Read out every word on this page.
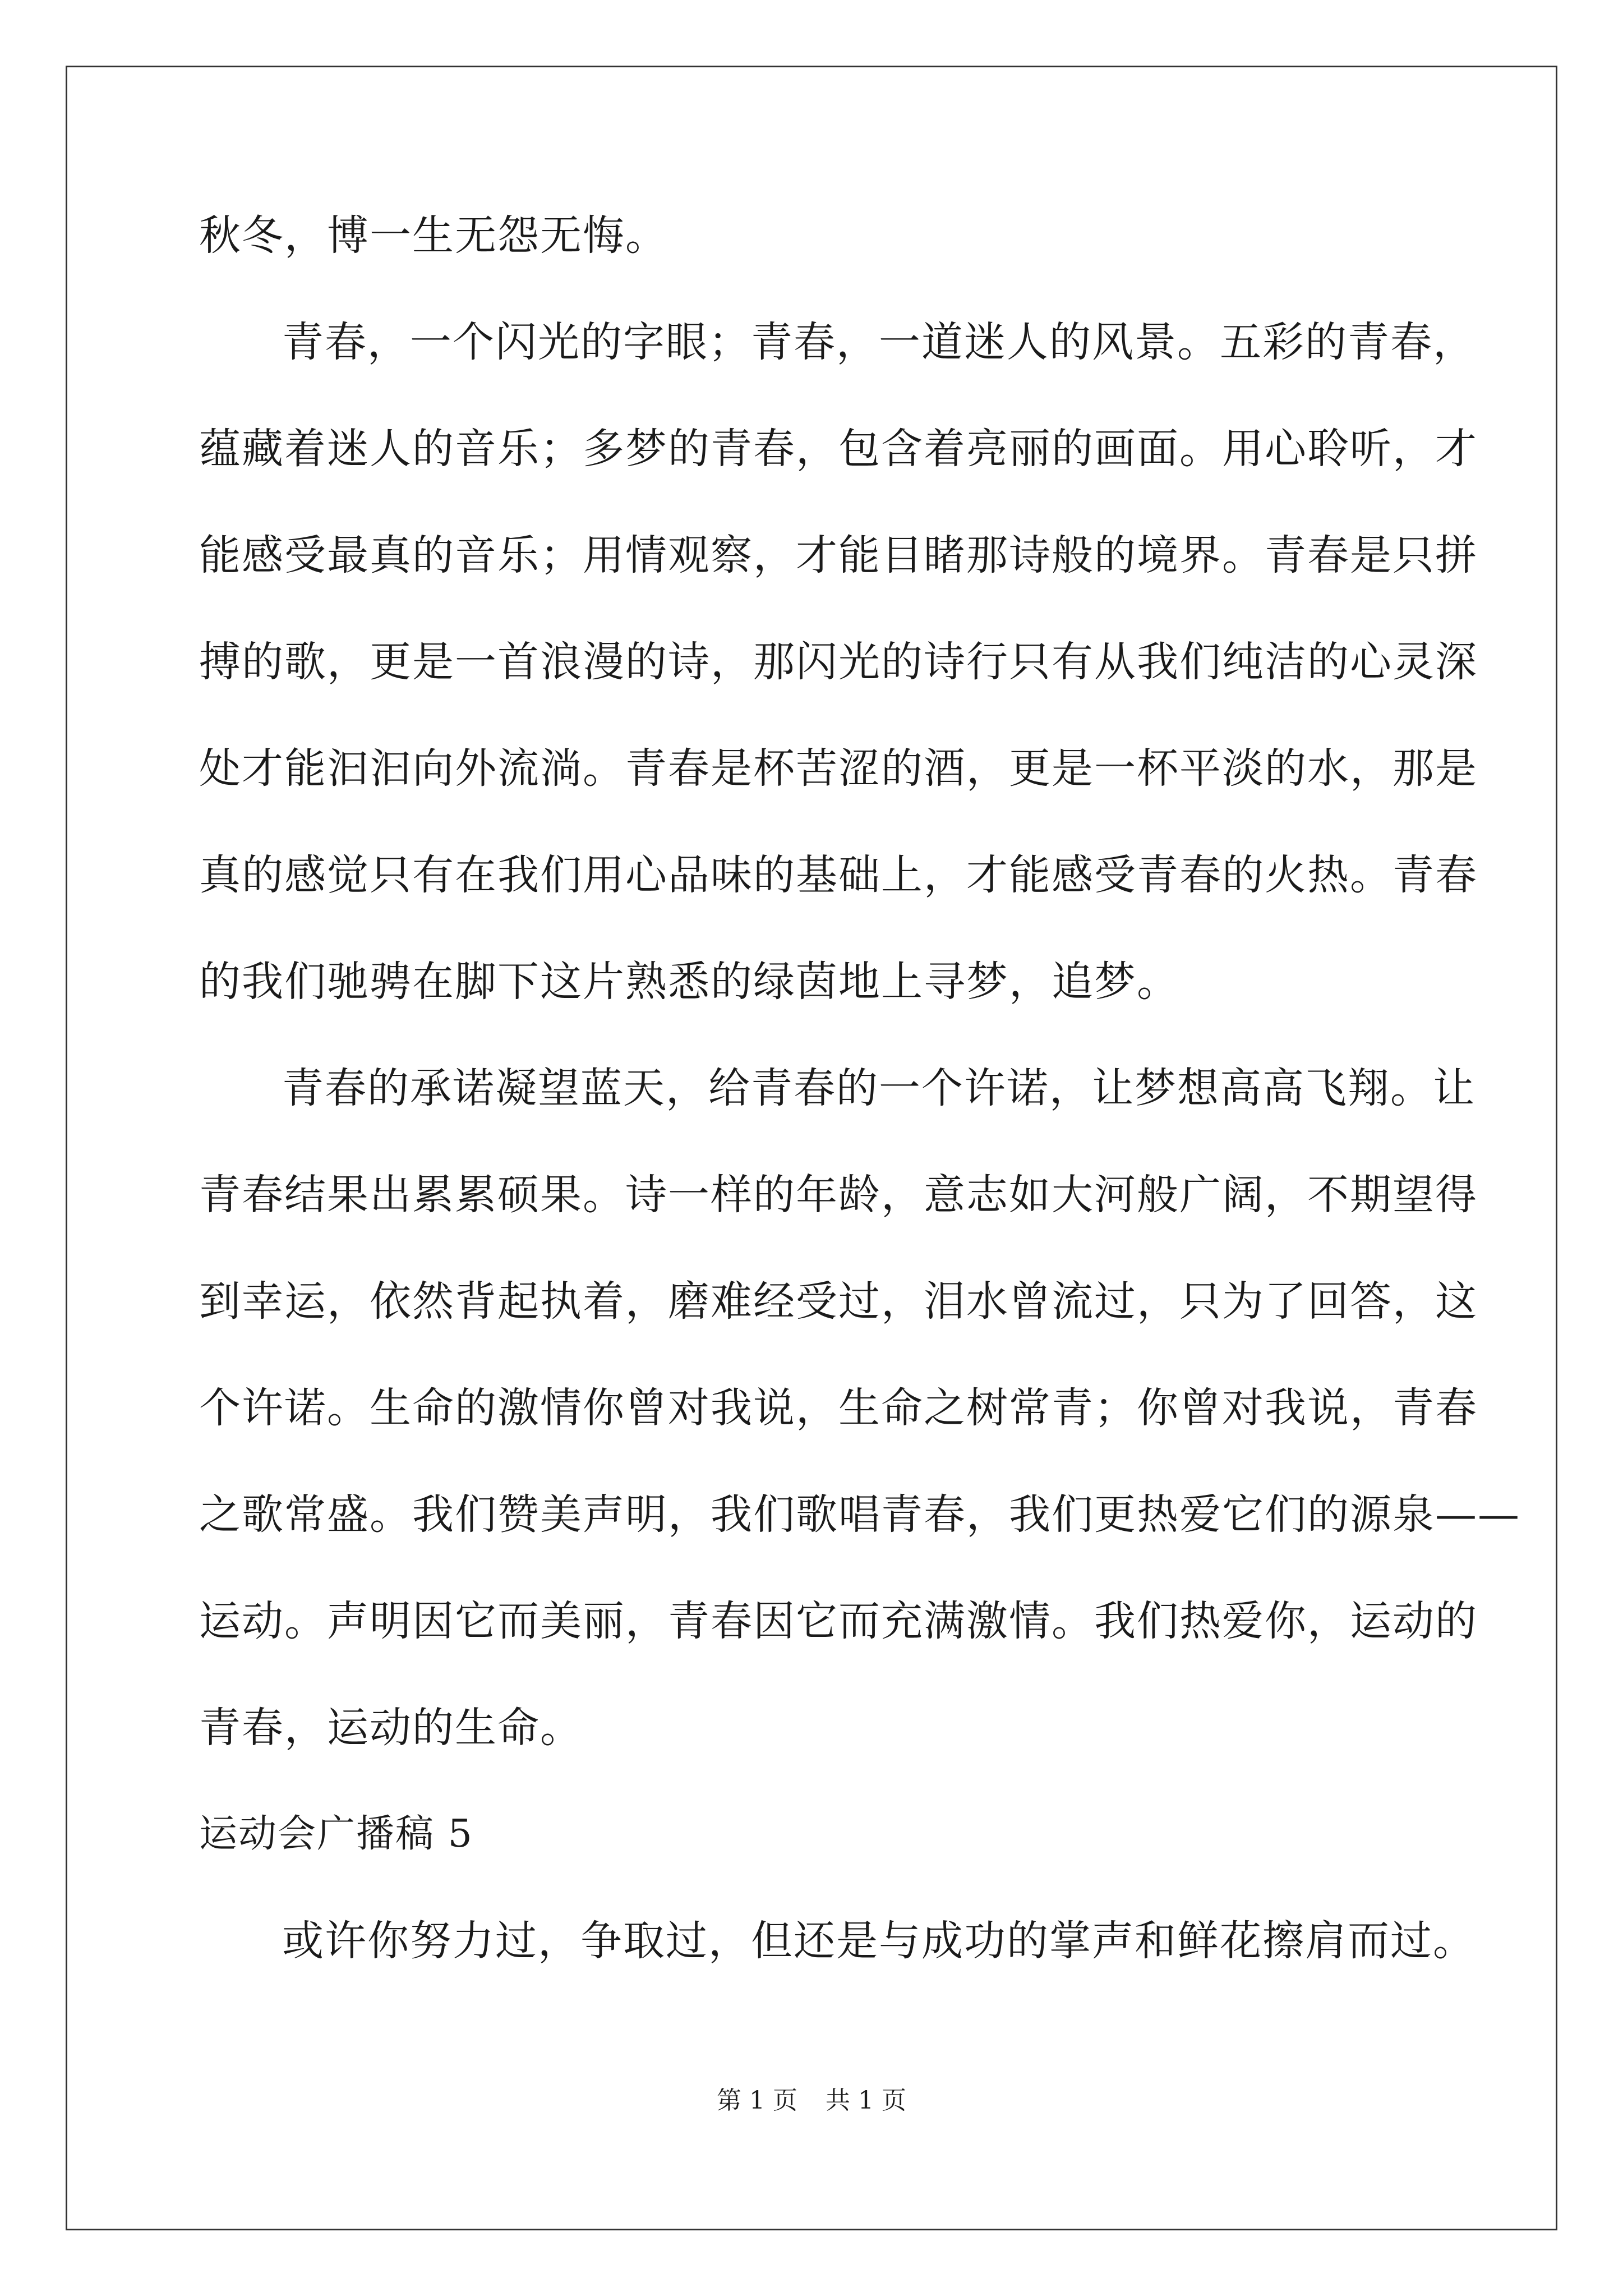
秋冬，博一生无怨无悔。
青春，一个闪光的字眼；青春，一道迷人的风景。五彩的青春，
蕴藏着迷人的音乐；多梦的青春，包含着亮丽的画面。用心聆听，才
能感受最真的音乐；用情观察，才能目睹那诗般的境界。青春是只拼
搏的歌，更是一首浪漫的诗，那闪光的诗行只有从我们纯洁的心灵深
处才能汩汩向外流淌。青春是杯苦涩的酒，更是一杯平淡的水，那是
真的感觉只有在我们用心品味的基础上，才能感受青春的火热。青春
的我们驰骋在脚下这片熟悉的绿茵地上寻梦，追梦。
青春的承诺凝望蓝天，给青春的一个许诺，让梦想高高飞翔。让
青春结果出累累硕果。诗一样的年龄，意志如大河般广阔，不期望得
到幸运，依然背起执着，磨难经受过，泪水曾流过，只为了回答，这
个许诺。生命的激情你曾对我说，生命之树常青；你曾对我说，青春
之歌常盛。我们赞美声明，我们歌唱青春，我们更热爱它们的源泉——
运动。声明因它而美丽，青春因它而充满激情。我们热爱你，运动的
青春，运动的生命。
运动会广播稿 5
或许你努力过，争取过，但还是与成功的掌声和鲜花擦肩而过。
第 1 页 共 1 页
